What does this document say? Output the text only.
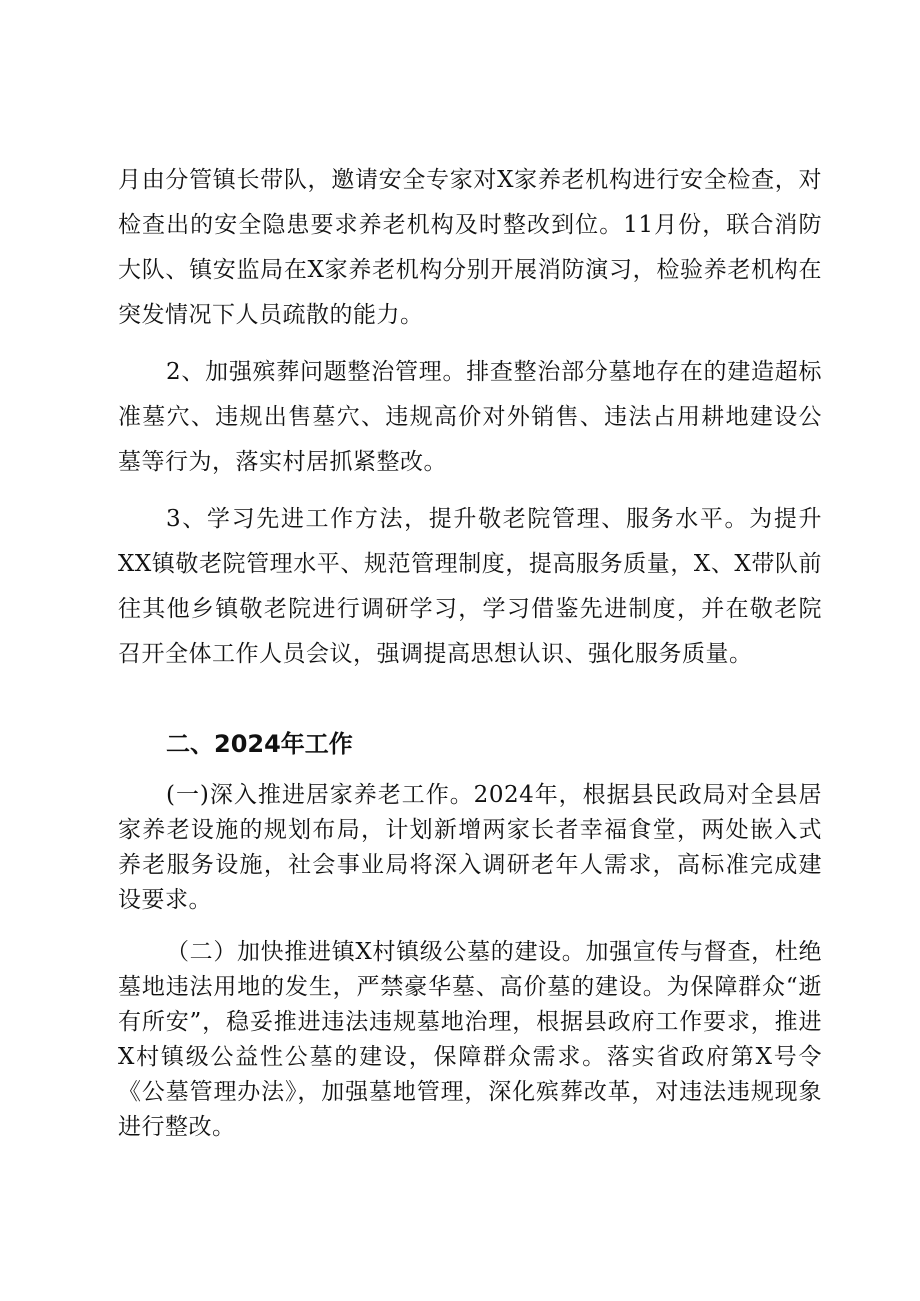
月由分管镇长带队，邀请安全专家对X家养老机构进行安全检查，对检查出的安全隐患要求养老机构及时整改到位。11月份，联合消防大队、镇安监局在X家养老机构分别开展消防演习，检验养老机构在突发情况下人员疏散的能力。

2、加强殡葬问题整治管理。排查整治部分墓地存在的建造超标准墓穴、违规出售墓穴、违规高价对外销售、违法占用耕地建设公墓等行为，落实村居抓紧整改。

3、学习先进工作方法，提升敬老院管理、服务水平。为提升XX镇敬老院管理水平、规范管理制度，提高服务质量，X、X带队前往其他乡镇敬老院进行调研学习，学习借鉴先进制度，并在敬老院召开全体工作人员会议，强调提高思想认识、强化服务质量。

二、2024年工作

(一)深入推进居家养老工作。2024年，根据县民政局对全县居家养老设施的规划布局，计划新增两家长者幸福食堂，两处嵌入式养老服务设施，社会事业局将深入调研老年人需求，高标准完成建设要求。

（二）加快推进镇X村镇级公墓的建设。加强宣传与督查，杜绝墓地违法用地的发生，严禁豪华墓、高价墓的建设。为保障群众“逝有所安”，稳妥推进违法违规墓地治理，根据县政府工作要求，推进X村镇级公益性公墓的建设，保障群众需求。落实省政府第X号令《公墓管理办法》，加强墓地管理，深化殡葬改革，对违法违规现象进行整改。
